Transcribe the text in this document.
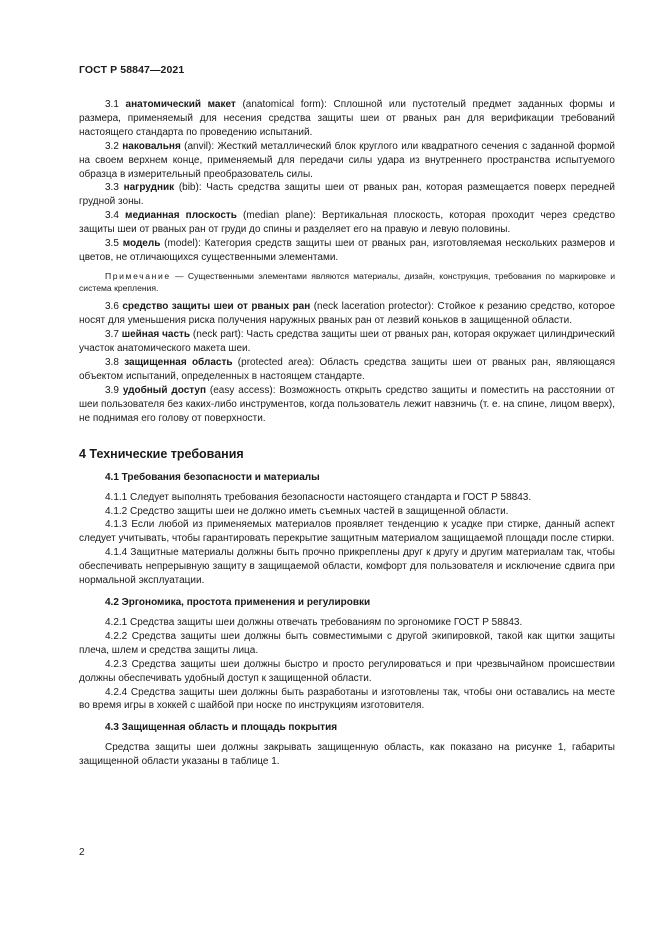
ГОСТ Р 58847—2021

3.1 анатомический макет (anatomical form): Сплошной или пустотелый предмет заданных формы и размера, применяемый для несения средства защиты шеи от рваных ран для верификации требований настоящего стандарта по проведению испытаний.

3.2 наковальня (anvil): Жесткий металлический блок круглого или квадратного сечения с заданной формой на своем верхнем конце, применяемый для передачи силы удара из внутреннего пространства испытуемого образца в измерительный преобразователь силы.

3.3 нагрудник (bib): Часть средства защиты шеи от рваных ран, которая размещается поверх передней грудной зоны.

3.4 медианная плоскость (median plane): Вертикальная плоскость, которая проходит через средство защиты шеи от рваных ран от груди до спины и разделяет его на правую и левую половины.

3.5 модель (model): Категория средств защиты шеи от рваных ран, изготовляемая нескольких размеров и цветов, не отличающихся существенными элементами.

Примечание — Существенными элементами являются материалы, дизайн, конструкция, требования по маркировке и система крепления.

3.6 средство защиты шеи от рваных ран (neck laceration protector): Стойкое к резанию средство, которое носят для уменьшения риска получения наружных рваных ран от лезвий коньков в защищенной области.

3.7 шейная часть (neck part): Часть средства защиты шеи от рваных ран, которая окружает цилиндрический участок анатомического макета шеи.

3.8 защищенная область (protected area): Область средства защиты шеи от рваных ран, являющаяся объектом испытаний, определенных в настоящем стандарте.

3.9 удобный доступ (easy access): Возможность открыть средство защиты и поместить на расстоянии от шеи пользователя без каких-либо инструментов, когда пользователь лежит навзничь (т. е. на спине, лицом вверх), не поднимая его голову от поверхности.

4 Технические требования
4.1 Требования безопасности и материалы

4.1.1 Следует выполнять требования безопасности настоящего стандарта и ГОСТ Р 58843.

4.1.2 Средство защиты шеи не должно иметь съемных частей в защищенной области.

4.1.3 Если любой из применяемых материалов проявляет тенденцию к усадке при стирке, данный аспект следует учитывать, чтобы гарантировать перекрытие защитным материалом защищаемой площади после стирки.

4.1.4 Защитные материалы должны быть прочно прикреплены друг к другу и другим материалам так, чтобы обеспечивать непрерывную защиту в защищаемой области, комфорт для пользователя и исключение сдвига при нормальной эксплуатации.

4.2 Эргономика, простота применения и регулировки

4.2.1 Средства защиты шеи должны отвечать требованиям по эргономике ГОСТ Р 58843.

4.2.2 Средства защиты шеи должны быть совместимыми с другой экипировкой, такой как щитки защиты плеча, шлем и средства защиты лица.

4.2.3 Средства защиты шеи должны быстро и просто регулироваться и при чрезвычайном происшествии должны обеспечивать удобный доступ к защищенной области.

4.2.4 Средства защиты шеи должны быть разработаны и изготовлены так, чтобы они оставались на месте во время игры в хоккей с шайбой при носке по инструкциям изготовителя.

4.3 Защищенная область и площадь покрытия

Средства защиты шеи должны закрывать защищенную область, как показано на рисунке 1, габариты защищенной области указаны в таблице 1.

2
